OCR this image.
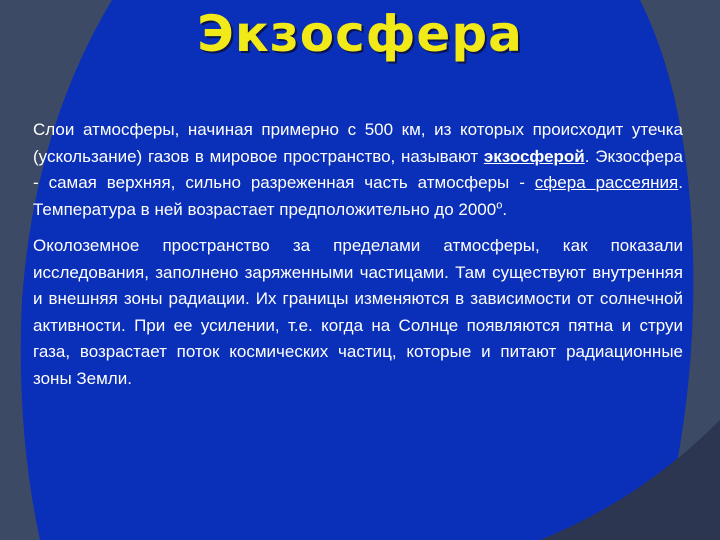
Экзосфера

Слои атмосферы, начиная примерно с 500 км, из которых происходит утечка (ускользание) газов в мировое пространство, называют экзосферой. Экзосфера - самая верхняя, сильно разреженная часть атмосферы - сфера рассеяния. Температура в ней возрастает предположительно до $2000^о$.

Околоземное пространство за пределами атмосферы, как показали исследования, заполнено заряженными частицами. Там существуют внутренняя и внешняя зоны радиации. Их границы изменяются в зависимости от солнечной активности. При ее усилении, т.е. когда на Солнце появляются пятна и струи газа, возрастает поток космических частиц, которые и питают радиационные зоны Земли.
